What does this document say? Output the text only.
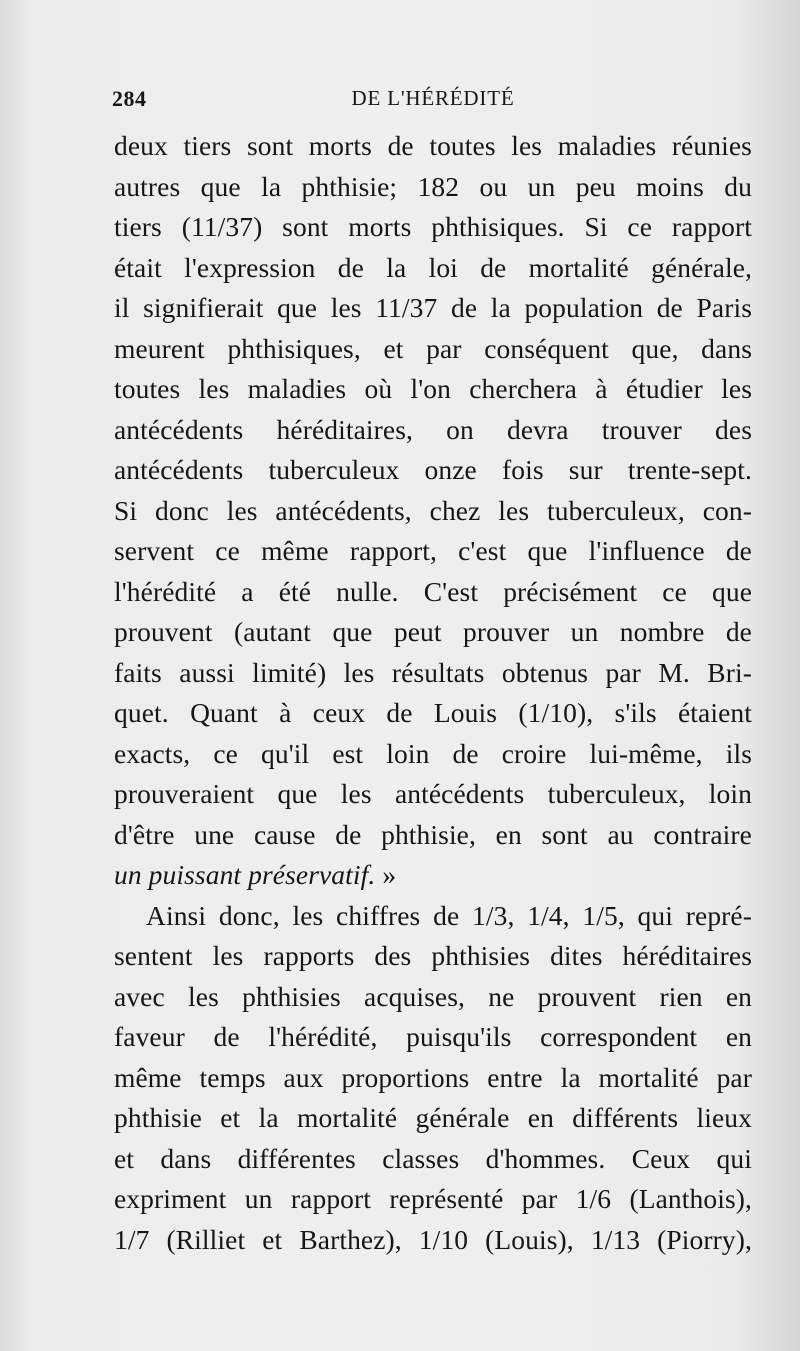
284	DE L'HÉRÉDITÉ
deux tiers sont morts de toutes les maladies réunies
autres que la phthisie; 182 ou un peu moins du
tiers (11/37) sont morts phthisiques. Si ce rapport
était l'expression de la loi de mortalité générale,
il signifierait que les 11/37 de la population de Paris
meurent phthisiques, et par conséquent que, dans
toutes les maladies où l'on cherchera à étudier les
antécédents héréditaires, on devra trouver des
antécédents tuberculeux onze fois sur trente-sept.
Si donc les antécédents, chez les tuberculeux, con-
servent ce même rapport, c'est que l'influence de
l'hérédité a été nulle. C'est précisément ce que
prouvent (autant que peut prouver un nombre de
faits aussi limité) les résultats obtenus par M. Bri-
quet. Quant à ceux de Louis (1/10), s'ils étaient
exacts, ce qu'il est loin de croire lui-même, ils
prouveraient que les antécédents tuberculeux, loin
d'être une cause de phthisie, en sont au contraire
un puissant préservatif. »
Ainsi donc, les chiffres de 1/3, 1/4, 1/5, qui repré-
sentent les rapports des phthisies dites héréditaires
avec les phthisies acquises, ne prouvent rien en
faveur de l'hérédité, puisqu'ils correspondent en
même temps aux proportions entre la mortalité par
phthisie et la mortalité générale en différents lieux
et dans différentes classes d'hommes. Ceux qui
expriment un rapport représenté par 1/6 (Lanthois),
1/7 (Rilliet et Barthez), 1/10 (Louis), 1/13 (Piorry),
